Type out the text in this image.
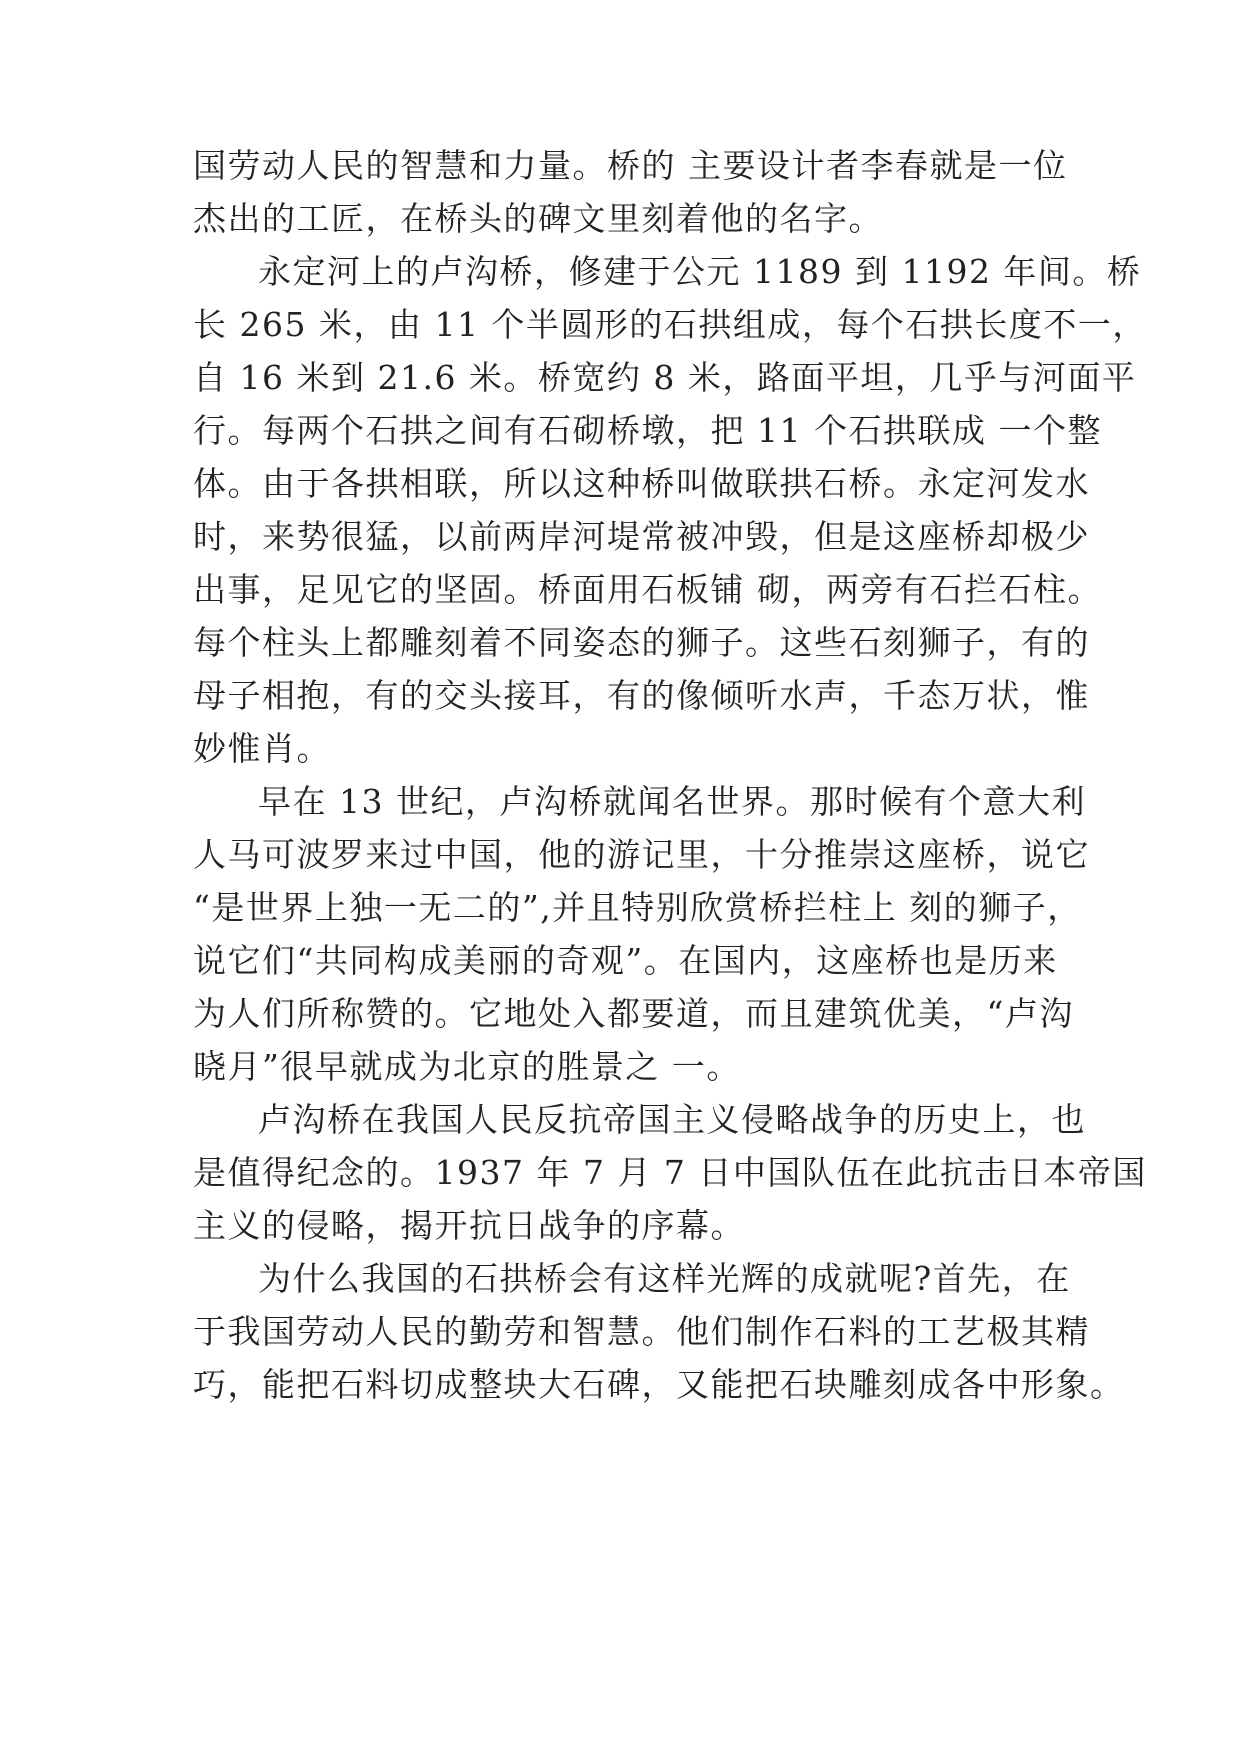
国劳动人民的智慧和力量。桥的 主要设计者李春就是一位
杰出的工匠，在桥头的碑文里刻着他的名字。
永定河上的卢沟桥，修建于公元 1189 到 1192 年间。桥
长 265 米，由 11 个半圆形的石拱组成，每个石拱长度不一，
自 16 米到 21.6 米。桥宽约 8 米，路面平坦，几乎与河面平
行。每两个石拱之间有石砌桥墩，把 11 个石拱联成 一个整
体。由于各拱相联，所以这种桥叫做联拱石桥。永定河发水
时，来势很猛，以前两岸河堤常被冲毁，但是这座桥却极少
出事，足见它的坚固。桥面用石板铺 砌，两旁有石拦石柱。
每个柱头上都雕刻着不同姿态的狮子。这些石刻狮子，有的
母子相抱，有的交头接耳，有的像倾听水声，千态万状，惟
妙惟肖。
早在 13 世纪，卢沟桥就闻名世界。那时候有个意大利
人马可波罗来过中国，他的游记里，十分推崇这座桥，说它
“是世界上独一无二的”,并且特别欣赏桥拦柱上 刻的狮子，
说它们“共同构成美丽的奇观”。在国内，这座桥也是历来
为人们所称赞的。它地处入都要道，而且建筑优美，“卢沟
晓月”很早就成为北京的胜景之 一。
卢沟桥在我国人民反抗帝国主义侵略战争的历史上，也
是值得纪念的。1937 年 7 月 7 日中国队伍在此抗击日本帝国
主义的侵略，揭开抗日战争的序幕。
为什么我国的石拱桥会有这样光辉的成就呢?首先，在
于我国劳动人民的勤劳和智慧。他们制作石料的工艺极其精
巧，能把石料切成整块大石碑，又能把石块雕刻成各中形象。
